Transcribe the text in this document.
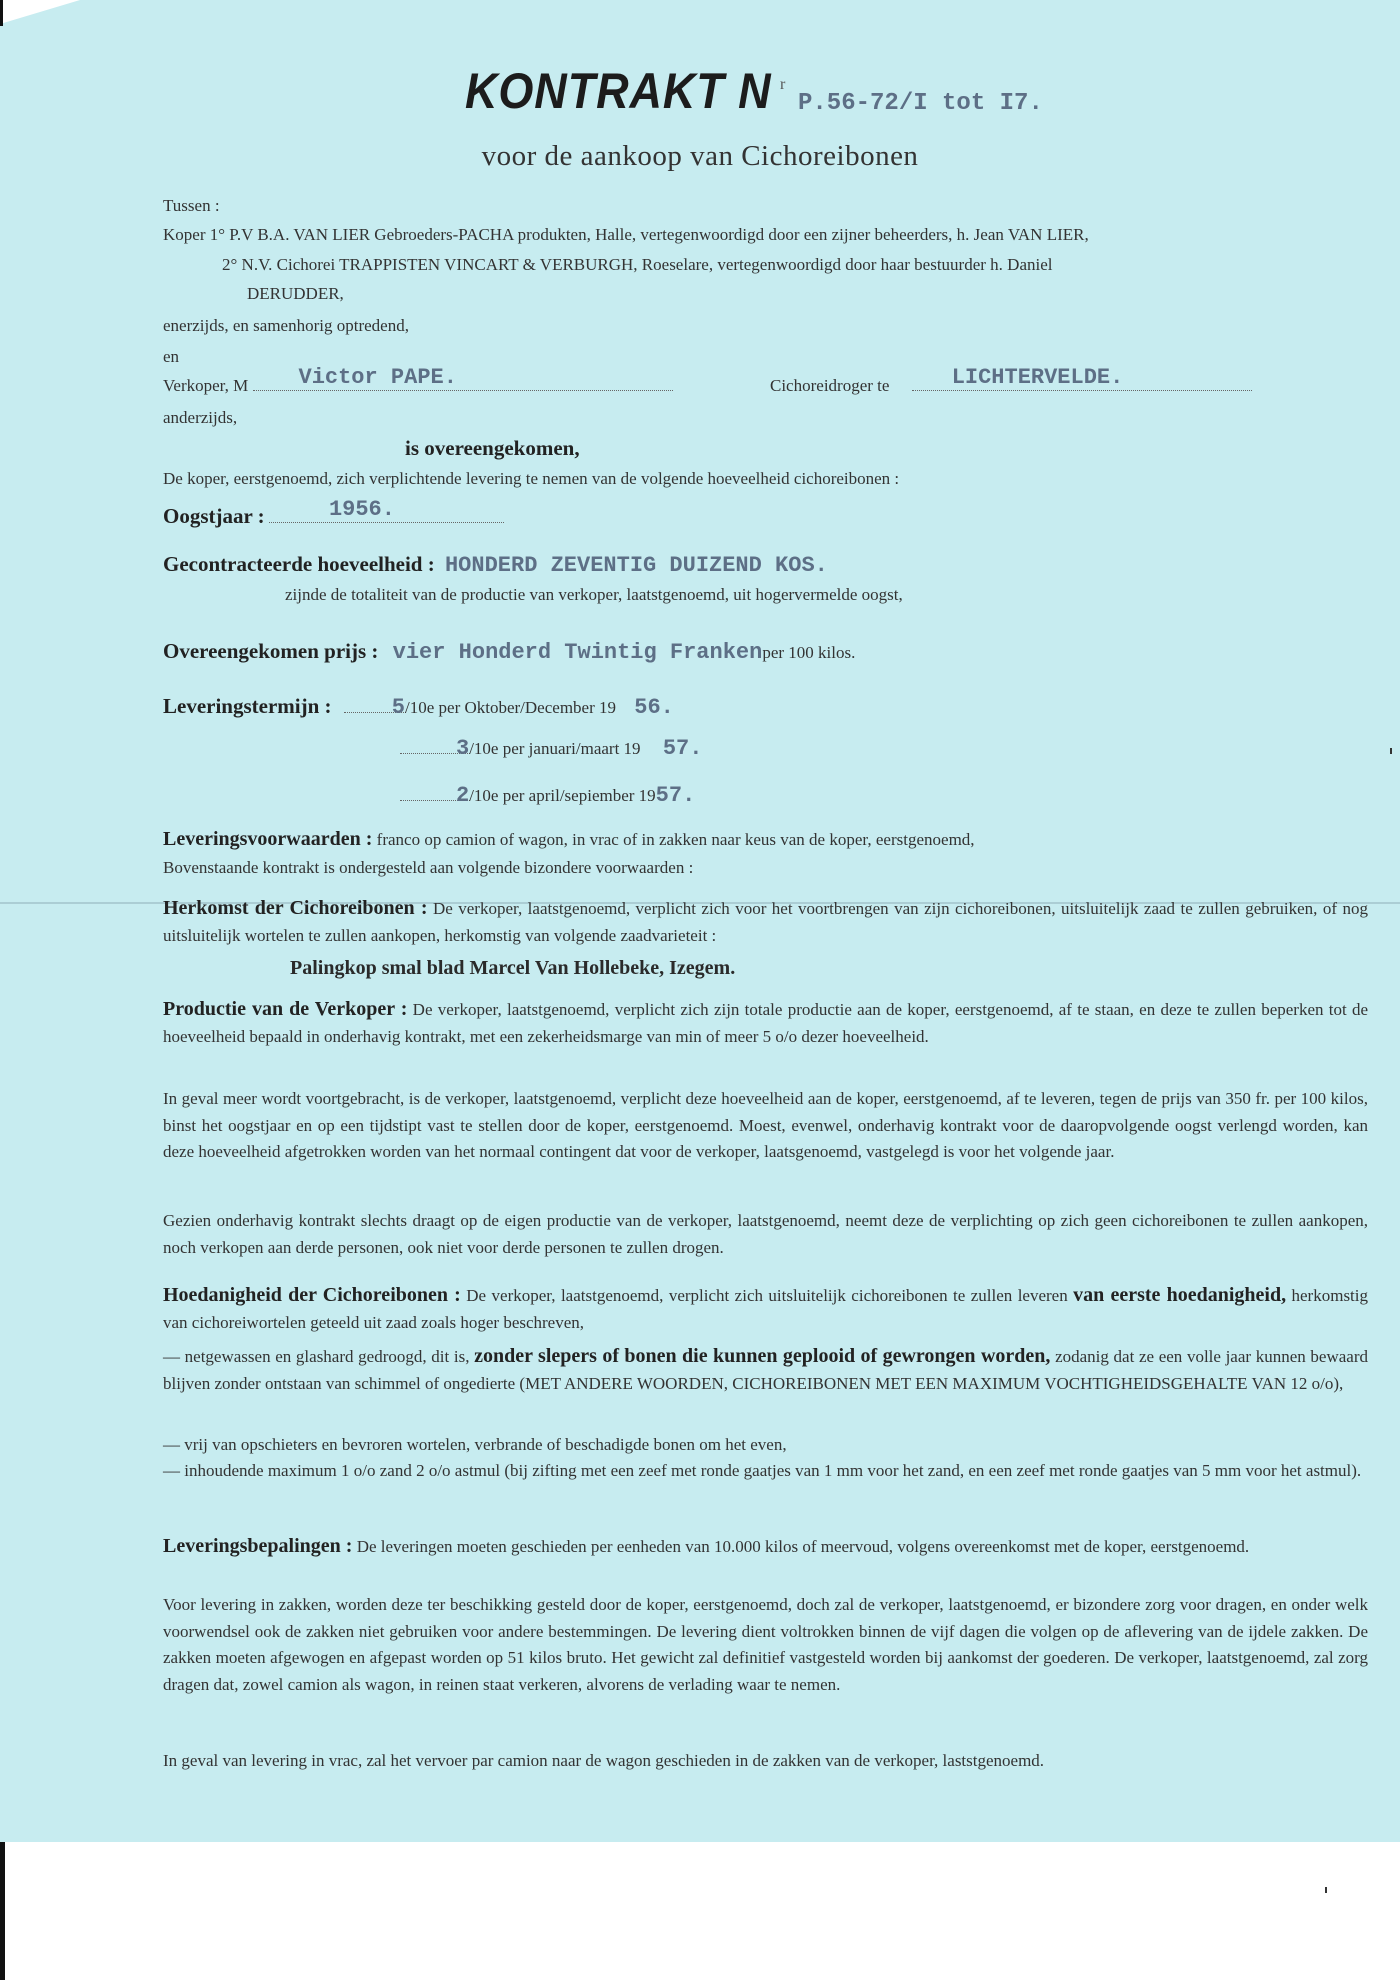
KONTRAKT N r
P.56-72/I tot I7.
voor de aankoop van Cichoreibonen
Tussen :
Koper 1° P.V B.A. VAN LIER Gebroeders-PACHA produkten, Halle, vertegenwoordigd door een zijner beheerders, h. Jean VAN LIER,
2° N.V. Cichorei TRAPPISTEN VINCART & VERBURGH, Roeselare, vertegenwoordigd door haar bestuurder h. Daniel
DERUDDER,
enerzijds, en samenhorig optredend,
en
Verkoper, M Victor PAPE.	Cichoreidroger te	LICHTERVELDE.
anderzijds,
is overeengekomen,
De koper, eerstgenoemd, zich verplichtende levering te nemen van de volgende hoeveelheid cichoreibonen :
Oogstjaar :	1956.
Gecontracteerde hoeveelheid : HONDERD ZEVENTIG DUIZEND KOS.
zijnde de totaliteit van de productie van verkoper, laatstgenoemd, uit hogervermelde oogst,
Overeengekomen prijs : vier Honderd Twintig Frankenper 100 kilos.
Leveringstermijn :	5/10e per Oktober/December 19 56.
3/10e per januari/maart 19 57.
2/10e per april/sepiember 1957.
Leveringsvoorwaarden : franco op camion of wagon, in vrac of in zakken naar keus van de koper, eerstgenoemd,
Bovenstaande kontrakt is ondergesteld aan volgende bizondere voorwaarden :
Herkomst der Cichoreibonen : De verkoper, laatstgenoemd, verplicht zich voor het voortbrengen van zijn cichoreibonen, uitsluitelijk zaad te zullen gebruiken, of nog uitsluitelijk wortelen te zullen aankopen, herkomstig van volgende zaadvarieteit :
Palingkop smal blad Marcel Van Hollebeke, Izegem.
Productie van de Verkoper : De verkoper, laatstgenoemd, verplicht zich zijn totale productie aan de koper, eerstgenoemd, af te staan, en deze te zullen beperken tot de hoeveelheid bepaald in onderhavig kontrakt, met een zekerheidsmarge van min of meer 5 o/o dezer hoeveelheid.
In geval meer wordt voortgebracht, is de verkoper, laatstgenoemd, verplicht deze hoeveelheid aan de koper, eerstgenoemd, af te leveren, tegen de prijs van 350 fr. per 100 kilos, binst het oogstjaar en op een tijdstipt vast te stellen door de koper, eerstgenoemd. Moest, evenwel, onderhavig kontrakt voor de daaropvolgende oogst verlengd worden, kan deze hoeveelheid afgetrokken worden van het normaal contingent dat voor de verkoper, laatsgenoemd, vastgelegd is voor het volgende jaar.
Gezien onderhavig kontrakt slechts draagt op de eigen productie van de verkoper, laatstgenoemd, neemt deze de verplichting op zich geen cichoreibonen te zullen aankopen, noch verkopen aan derde personen, ook niet voor derde personen te zullen drogen.
Hoedanigheid der Cichoreibonen : De verkoper, laatstgenoemd, verplicht zich uitsluitelijk cichoreibonen te zullen leveren van eerste hoedanigheid, herkomstig van cichoreiwortelen geteeld uit zaad zoals hoger beschreven,
— netgewassen en glashard gedroogd, dit is, zonder slepers of bonen die kunnen geplooid of gewrongen worden, zodanig dat ze een volle jaar kunnen bewaard blijven zonder ontstaan van schimmel of ongedierte (MET ANDERE WOORDEN, CICHOREIBONEN MET EEN MAXIMUM VOCHTIGHEIDSGEHALTE VAN 12 o/o),
— vrij van opschieters en bevroren wortelen, verbrande of beschadigde bonen om het even,
— inhoudende maximum 1 o/o zand 2 o/o astmul (bij zifting met een zeef met ronde gaatjes van 1 mm voor het zand, en een zeef met ronde gaatjes van 5 mm voor het astmul).
Leveringsbepalingen : De leveringen moeten geschieden per eenheden van 10.000 kilos of meervoud, volgens overeenkomst met de koper, eerstgenoemd.
Voor levering in zakken, worden deze ter beschikking gesteld door de koper, eerstgenoemd, doch zal de verkoper, laatstgenoemd, er bizondere zorg voor dragen, en onder welk voorwendsel ook de zakken niet gebruiken voor andere bestemmingen. De levering dient voltrokken binnen de vijf dagen die volgen op de aflevering van de ijdele zakken. De zakken moeten afgewogen en afgepast worden op 51 kilos bruto. Het gewicht zal definitief vastgesteld worden bij aankomst der goederen. De verkoper, laatstgenoemd, zal zorg dragen dat, zowel camion als wagon, in reinen staat verkeren, alvorens de verlading waar te nemen.
In geval van levering in vrac, zal het vervoer par camion naar de wagon geschieden in de zakken van de verkoper, laststgenoemd.
